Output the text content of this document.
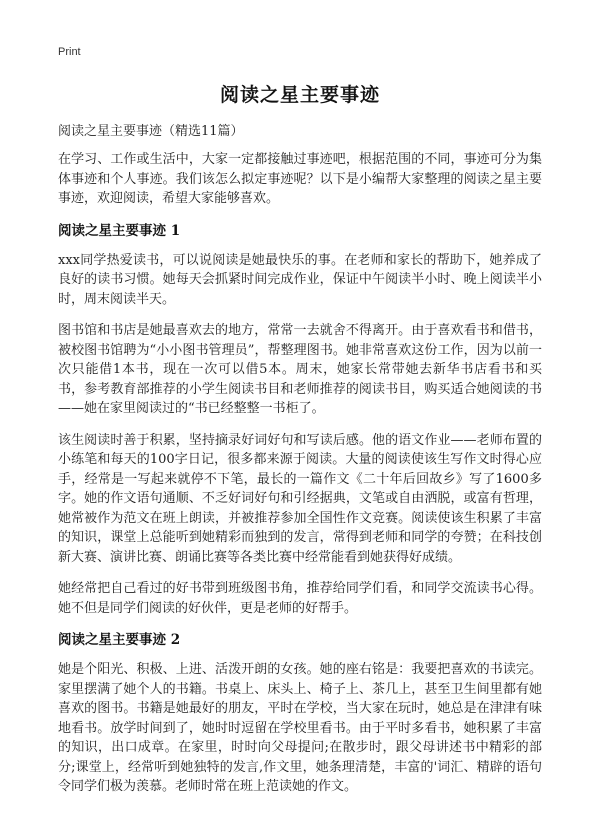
Print
阅读之星主要事迹

阅读之星主要事迹（精选11篇）

在学习、工作或生活中，大家一定都接触过事迹吧，根据范围的不同，事迹可分为集体事迹和个人事迹。我们该怎么拟定事迹呢？以下是小编帮大家整理的阅读之星主要事迹，欢迎阅读，希望大家能够喜欢。

阅读之星主要事迹 1

xxx同学热爱读书，可以说阅读是她最快乐的事。在老师和家长的帮助下，她养成了良好的读书习惯。她每天会抓紧时间完成作业，保证中午阅读半小时、晚上阅读半小时，周末阅读半天。

图书馆和书店是她最喜欢去的地方，常常一去就舍不得离开。由于喜欢看书和借书，被校图书馆聘为“小小图书管理员”，帮整理图书。她非常喜欢这份工作，因为以前一次只能借1本书，现在一次可以借5本。周末，她家长常带她去新华书店看书和买书，参考教育部推荐的小学生阅读书目和老师推荐的阅读书目，购买适合她阅读的书——她在家里阅读过的“书已经整整一书柜了。

该生阅读时善于积累，坚持摘录好词好句和写读后感。他的语文作业——老师布置的小练笔和每天的100字日记，很多都来源于阅读。大量的阅读使该生写作文时得心应手，经常是一写起来就停不下笔，最长的一篇作文《二十年后回故乡》写了1600多字。她的作文语句通顺、不乏好词好句和引经据典，文笔或自由洒脱，或富有哲理，她常被作为范文在班上朗读，并被推荐参加全国性作文竞赛。阅读使该生积累了丰富的知识，课堂上总能听到她精彩而独到的发言，常得到老师和同学的夸赞；在科技创新大赛、演讲比赛、朗诵比赛等各类比赛中经常能看到她获得好成绩。

她经常把自己看过的好书带到班级图书角，推荐给同学们看，和同学交流读书心得。她不但是同学们阅读的好伙伴，更是老师的好帮手。

阅读之星主要事迹 2

她是个阳光、积极、上进、活泼开朗的女孩。她的座右铭是：我要把喜欢的书读完。家里摆满了她个人的书籍。书桌上、床头上、椅子上、茶几上，甚至卫生间里都有她喜欢的图书。书籍是她最好的朋友，平时在学校，当大家在玩时，她总是在津津有味地看书。放学时间到了，她时时逗留在学校里看书。由于平时多看书，她积累了丰富的知识，出口成章。在家里，时时向父母提问;在散步时，跟父母讲述书中精彩的部分;课堂上，经常听到她独特的发言,作文里，她条理清楚，丰富的'词汇、精辟的语句令同学们极为羡慕。老师时常在班上范读她的作文。
